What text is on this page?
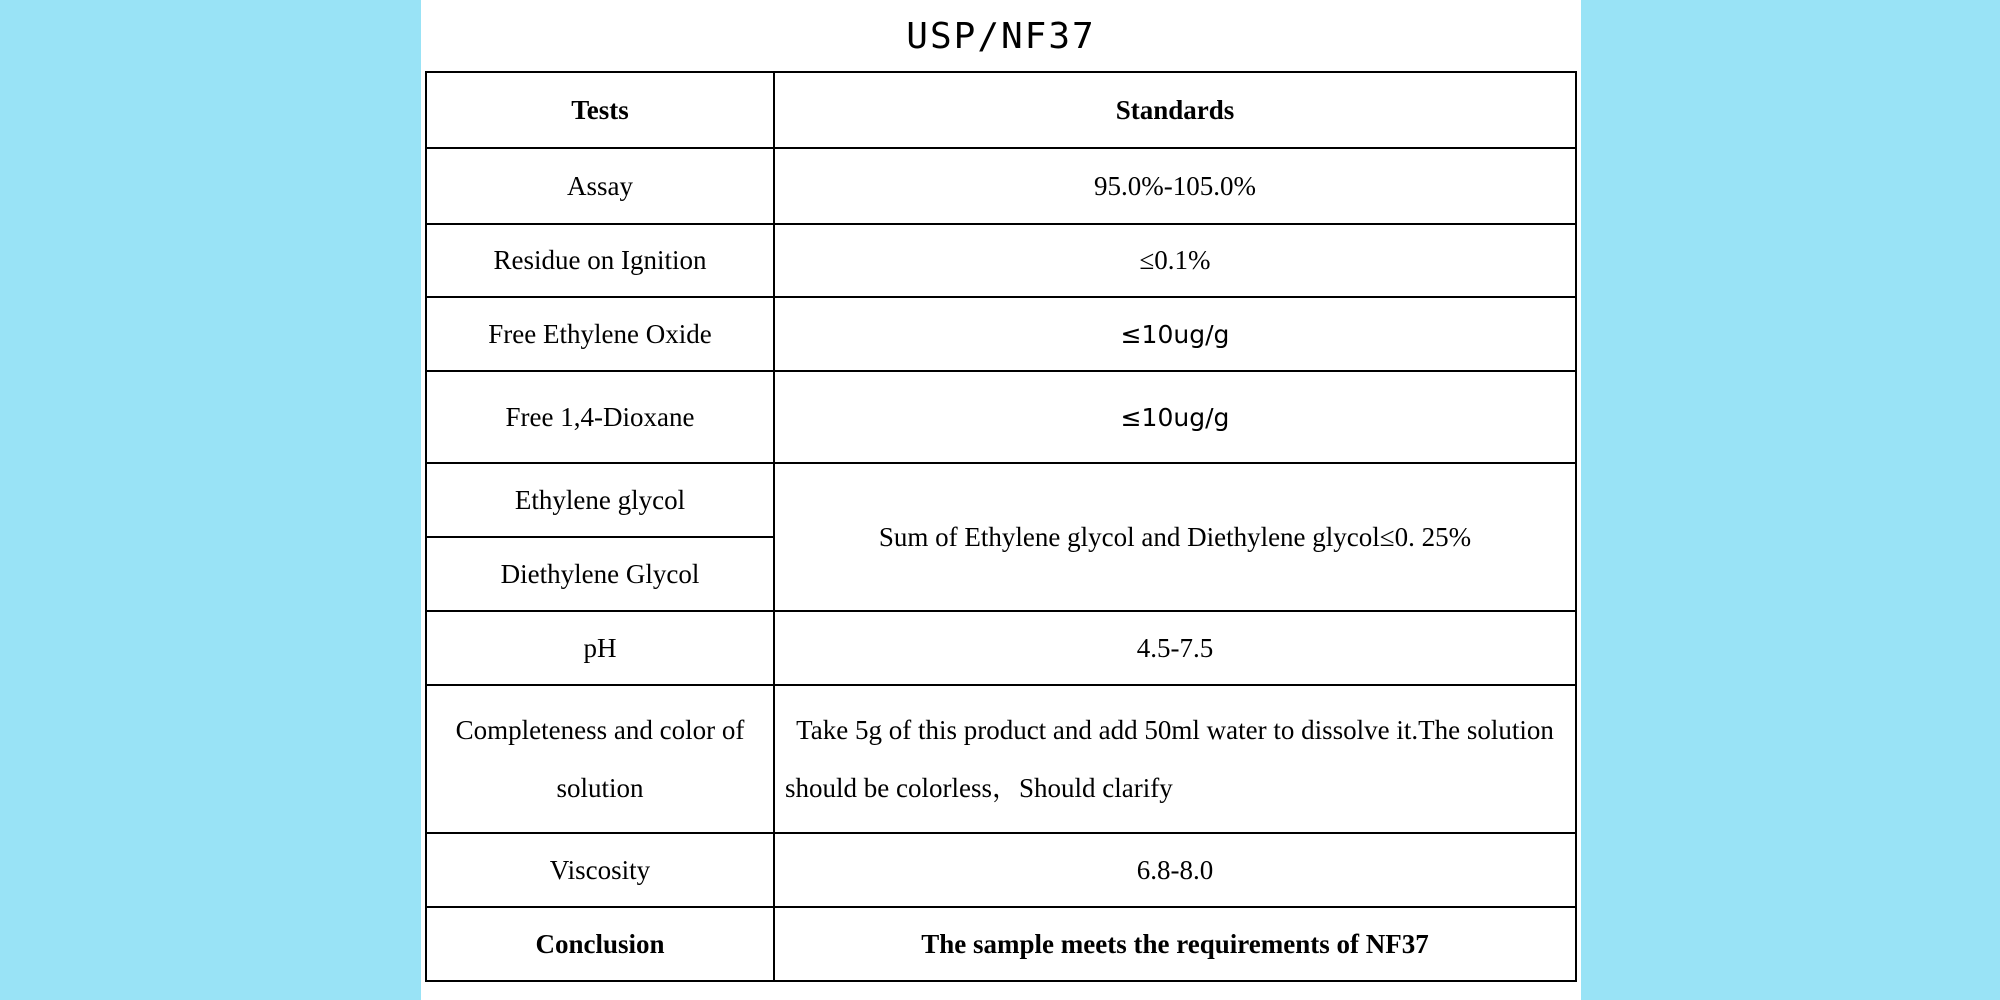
USP/NF37
Tests	Standards
Assay	95.0%-105.0%
Residue on Ignition	≤0.1%
Free Ethylene Oxide	≤10ug/g
Free 1,4-Dioxane	≤10ug/g
Ethylene glycol	Sum of Ethylene glycol and Diethylene glycol≤0. 25%
Diethylene Glycol	
pH	4.5-7.5
Completeness and color of solution	Take 5g of this product and add 50ml water to dissolve it.The solution should be colorless，Should clarify
Viscosity	6.8-8.0
Conclusion	The sample meets the requirements of NF37
